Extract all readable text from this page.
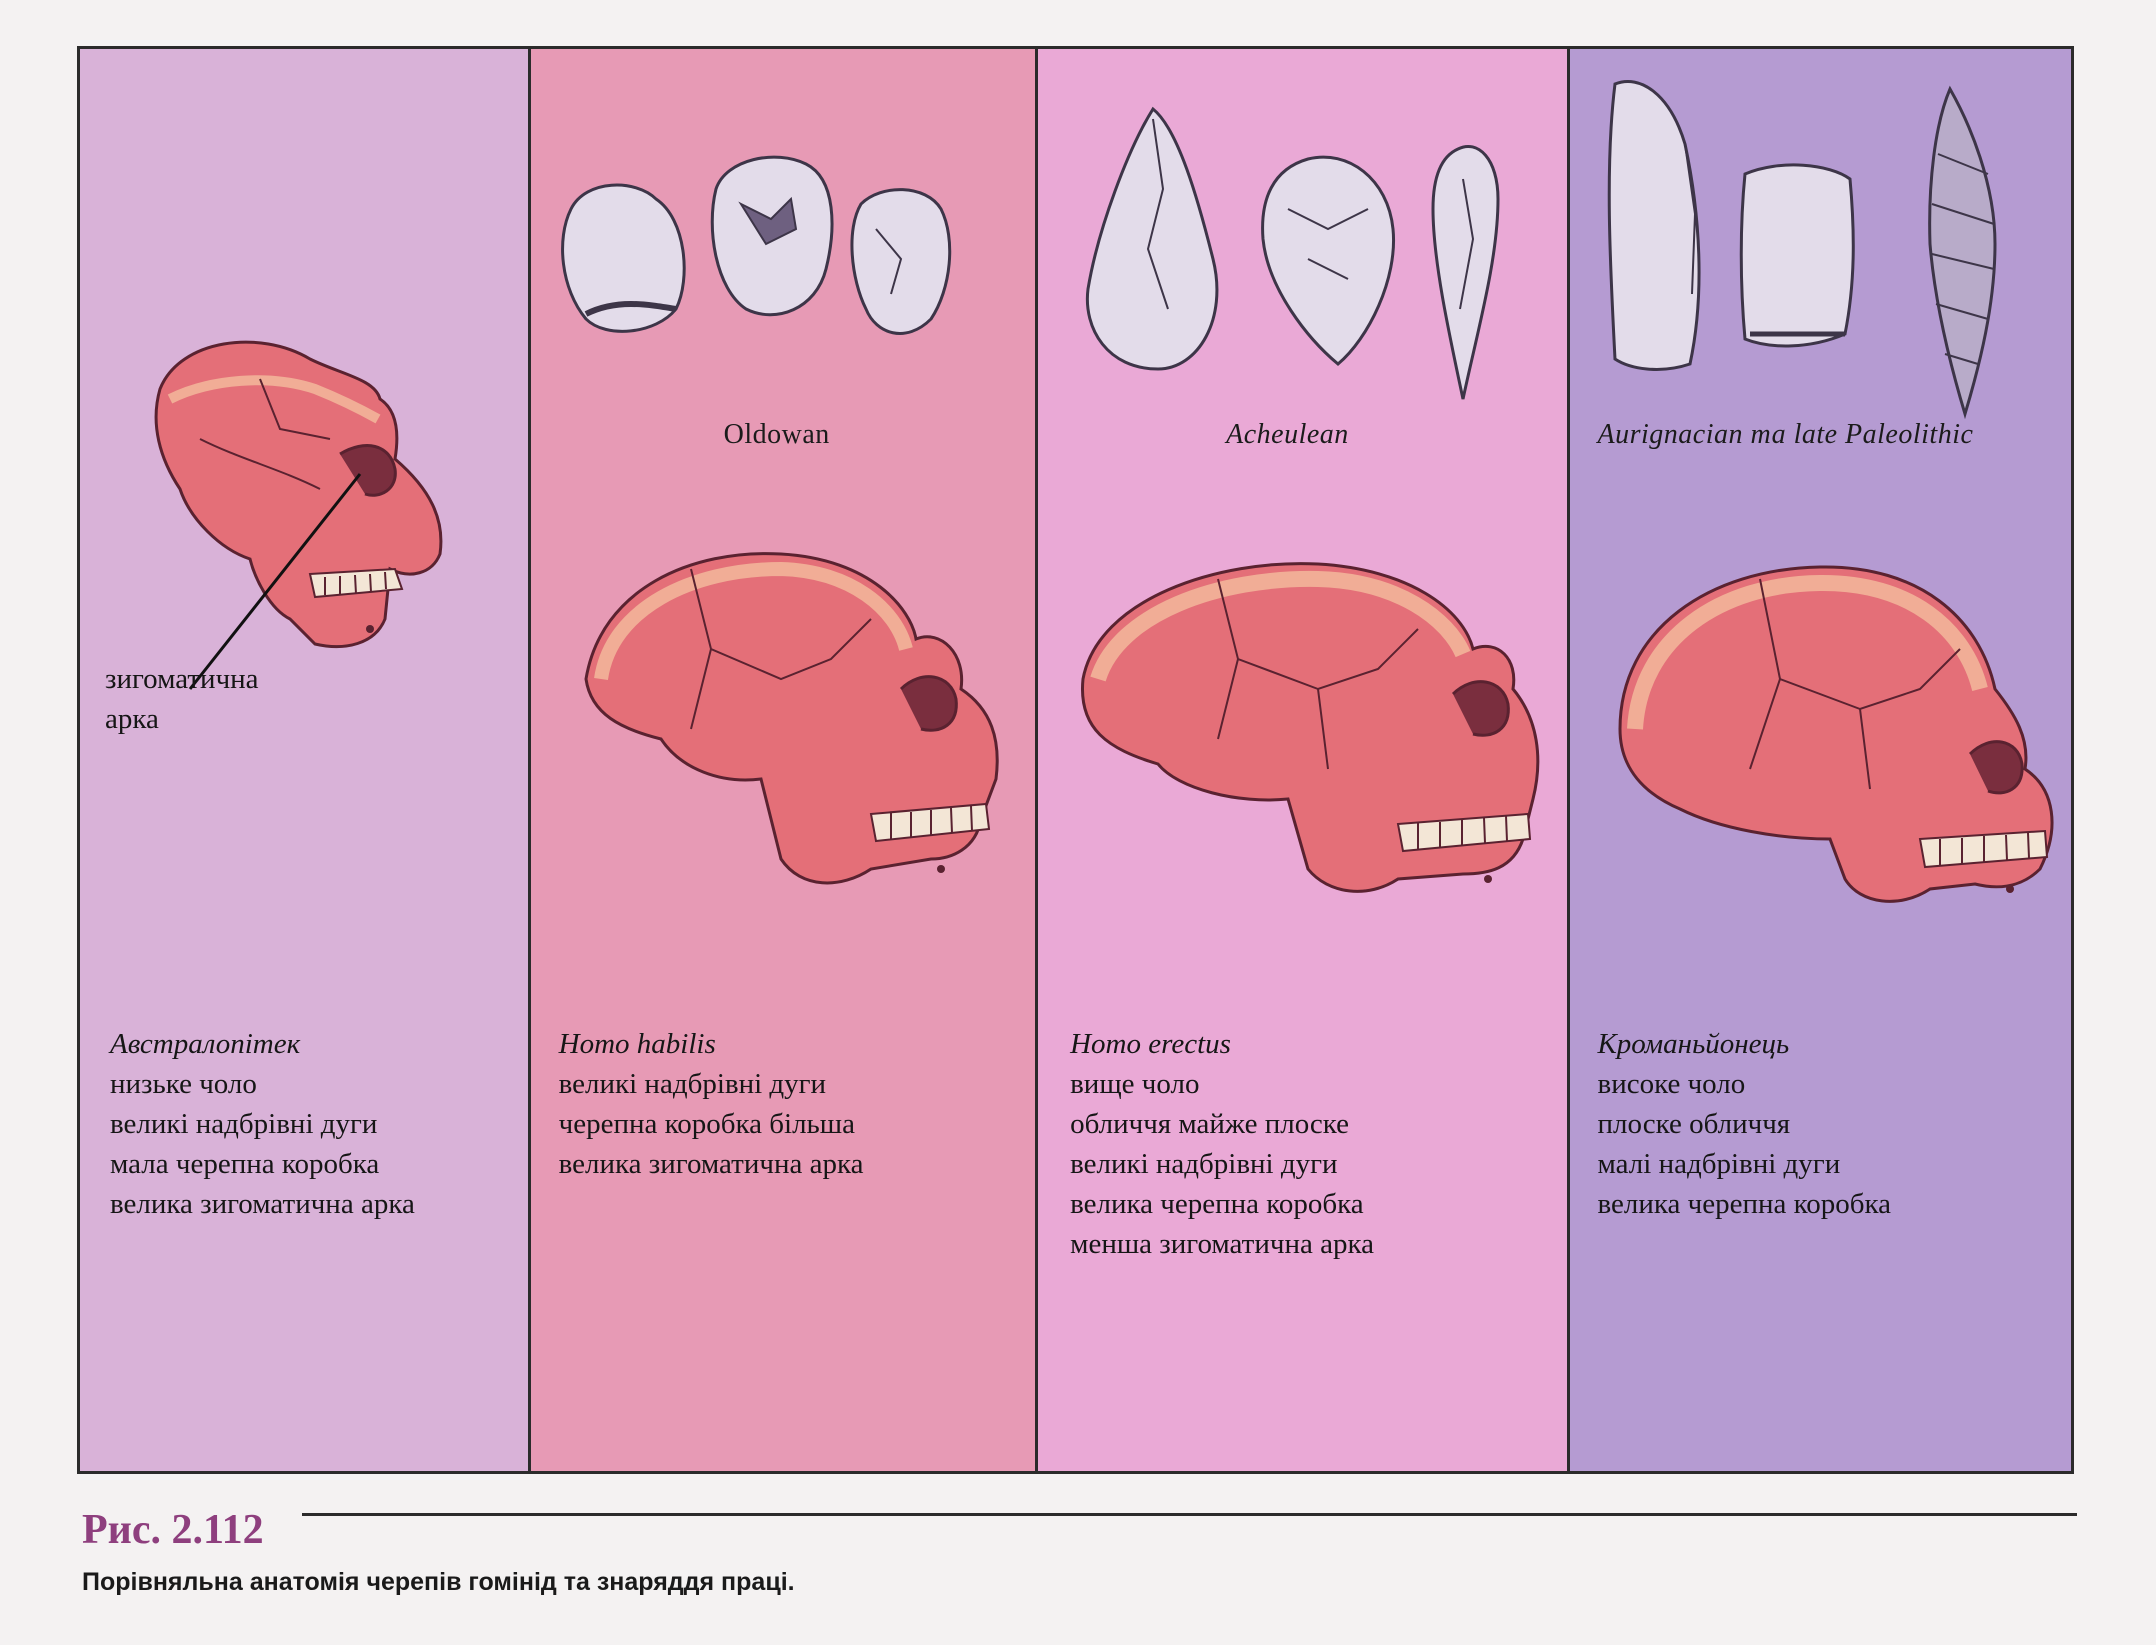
зигоматична
арка
Австралопітек
низьке чоло
великі надбрівні дуги
мала черепна коробка
велика зигоматична арка
Oldowan
Homo habilis
великі надбрівні дуги
черепна коробка більша
велика зигоматична арка
Acheulean
Homo erectus
вище чоло
обличчя майже плоске
великі надбрівні дуги
велика черепна коробка
менша зигоматична арка
Aurignacian та late Paleolithic
Кроманьйонець
високе чоло
плоске обличчя
малі надбрівні дуги
велика черепна коробка
Рис. 2.112
Порівняльна анатомія черепів гомінід та знаряддя праці.
